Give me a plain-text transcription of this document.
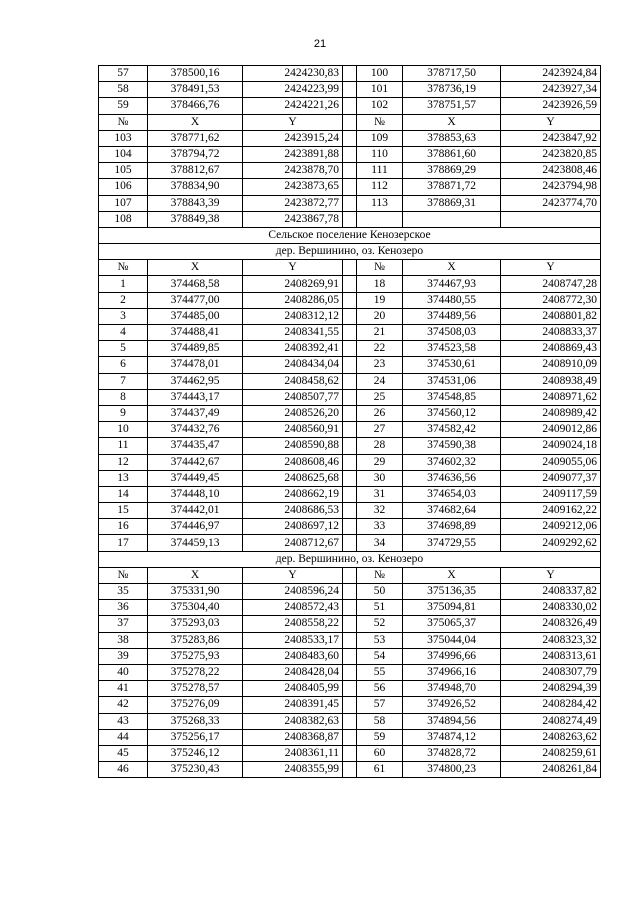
21
57	378500,16	2424230,83		100	378717,50	2423924,84
58	378491,53	2424223,99		101	378736,19	2423927,34
59	378466,76	2424221,26		102	378751,57	2423926,59
№	X	Y		№	X	Y
103	378771,62	2423915,24		109	378853,63	2423847,92
104	378794,72	2423891,88		110	378861,60	2423820,85
105	378812,67	2423878,70		111	378869,29	2423808,46
106	378834,90	2423873,65		112	378871,72	2423794,98
107	378843,39	2423872,77		113	378869,31	2423774,70
108	378849,38	2423867,78				
Сельское поселение Кенозерское						
дер. Вершинино, оз. Кенозеро						
№	X	Y		№	X	Y
1	374468,58	2408269,91		18	374467,93	2408747,28
2	374477,00	2408286,05		19	374480,55	2408772,30
3	374485,00	2408312,12		20	374489,56	2408801,82
4	374488,41	2408341,55		21	374508,03	2408833,37
5	374489,85	2408392,41		22	374523,58	2408869,43
6	374478,01	2408434,04		23	374530,61	2408910,09
7	374462,95	2408458,62		24	374531,06	2408938,49
8	374443,17	2408507,77		25	374548,85	2408971,62
9	374437,49	2408526,20		26	374560,12	2408989,42
10	374432,76	2408560,91		27	374582,42	2409012,86
11	374435,47	2408590,88		28	374590,38	2409024,18
12	374442,67	2408608,46		29	374602,32	2409055,06
13	374449,45	2408625,68		30	374636,56	2409077,37
14	374448,10	2408662,19		31	374654,03	2409117,59
15	374442,01	2408686,53		32	374682,64	2409162,22
16	374446,97	2408697,12		33	374698,89	2409212,06
17	374459,13	2408712,67		34	374729,55	2409292,62
дер. Вершинино, оз. Кенозеро						
№	X	Y		№	X	Y
35	375331,90	2408596,24		50	375136,35	2408337,82
36	375304,40	2408572,43		51	375094,81	2408330,02
37	375293,03	2408558,22		52	375065,37	2408326,49
38	375283,86	2408533,17		53	375044,04	2408323,32
39	375275,93	2408483,60		54	374996,66	2408313,61
40	375278,22	2408428,04		55	374966,16	2408307,79
41	375278,57	2408405,99		56	374948,70	2408294,39
42	375276,09	2408391,45		57	374926,52	2408284,42
43	375268,33	2408382,63		58	374894,56	2408274,49
44	375256,17	2408368,87		59	374874,12	2408263,62
45	375246,12	2408361,11		60	374828,72	2408259,61
46	375230,43	2408355,99		61	374800,23	2408261,84
